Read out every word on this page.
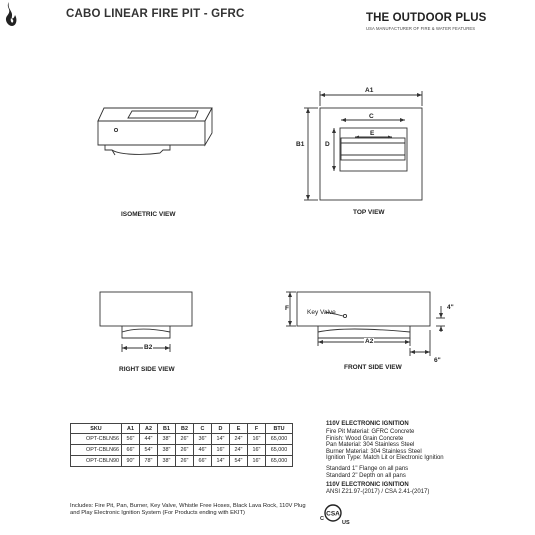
CABO LINEAR FIRE PIT - GFRC	THE OUTDOOR PLUS
USA MANUFACTURER OF FIRE & WATER FEATURES
A1
C
E
B1	D
B2
F
A2
4"
6"
Key Valve
ISOMETRIC VIEW	TOP VIEW
RIGHT SIDE VIEW	FRONT SIDE VIEW
SKU	A1	A2	B1	B2	C	D	E	F	BTU
OPT-CBLN56	56"	44"	38"	26"	36"	14"	24"	16"	65,000
OPT-CBLN66	66"	54"	38"	26"	46"	16"	24"	16"	65,000
OPT-CBLN90	90"	78"	38"	26"	66"	14"	54"	16"	65,000
110V ELECTRONIC IGNITION
Fire Pit Material: GFRC Concrete
Finish: Wood Grain Concrete
Pan Material: 304 Stainless Steel
Burner Material: 304 Stainless Steel
Ignition Type: Match Lit or Electronic Ignition
Standard 1" Flange on all pans
Standard 2" Depth on all pans
110V ELECTRONIC IGNITION
ANSI Z21.97-(2017) / CSA 2.41-(2017)
Includes: Fire Pit, Pan, Burner, Key Valve, Whistle Free Hoses, Black Lava Rock, 110V Plug and Play Electronic Ignition System (For Products ending with EKIT)	CSA
C
US
